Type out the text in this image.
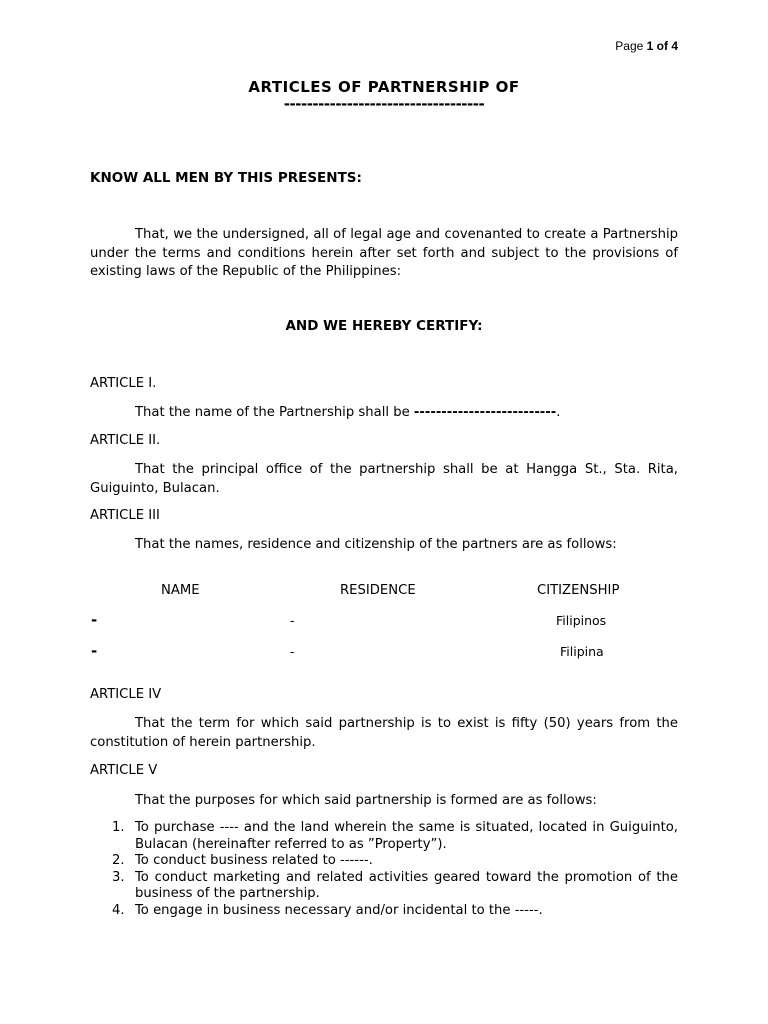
Page 1 of 4
ARTICLES OF PARTNERSHIP OF
-----------------------------------
KNOW ALL MEN BY THIS PRESENTS:
That, we the undersigned, all of legal age and covenanted to create a Partnership under the terms and conditions herein after set forth and subject to the provisions of existing laws of the Republic of the Philippines:
AND WE HEREBY CERTIFY:
ARTICLE I.
That the name of the Partnership shall be --------------------------.
ARTICLE II.
That the principal office of the partnership shall be at Hangga St., Sta. Rita, Guiguinto, Bulacan.
ARTICLE III
That the names, residence and citizenship of the partners are as follows:
NAME	RESIDENCE	CITIZENSHIP
-	-	Filipinos
-	-	Filipina
ARTICLE IV
That the term for which said partnership is to exist is fifty (50) years from the constitution of herein partnership.
ARTICLE V
That the purposes for which said partnership is formed are as follows:
1. To purchase ---- and the land wherein the same is situated, located in Guiguinto, Bulacan (hereinafter referred to as ”Property”).
2. To conduct business related to ------.
3. To conduct marketing and related activities geared toward the promotion of the business of the partnership.
4. To engage in business necessary and/or incidental to the -----.
